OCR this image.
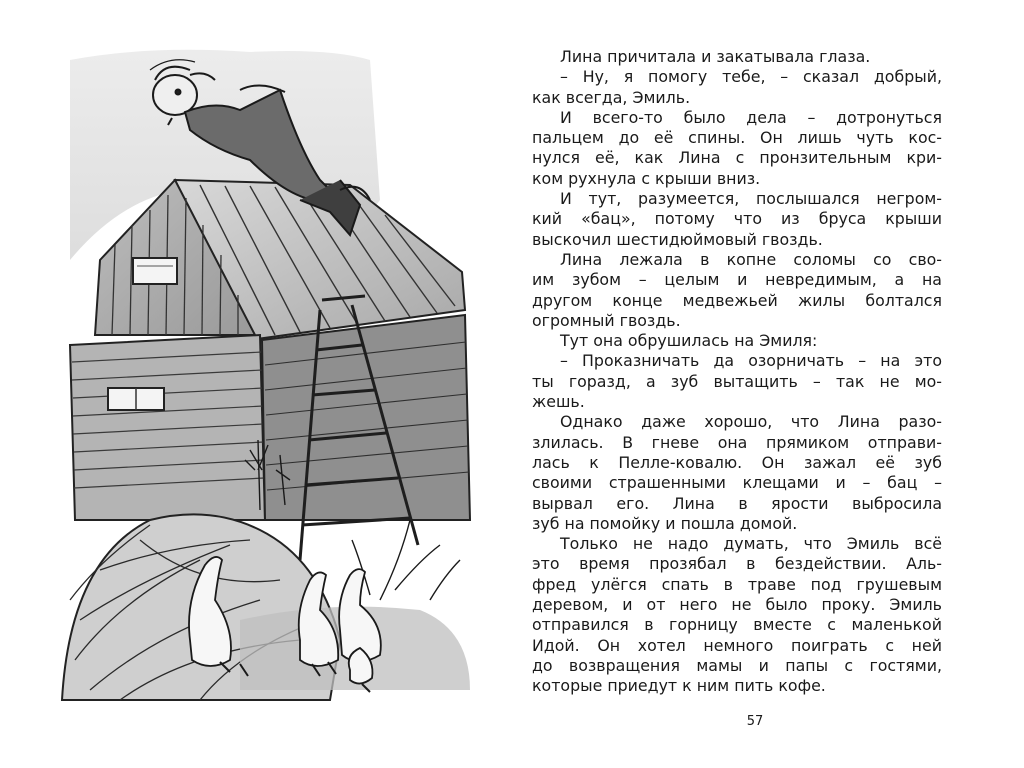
Лина причитала и закатывала глаза.
– Ну, я помогу тебе, – сказал добрый,
как всегда, Эмиль.
И всего-то было дела – дотронуться
пальцем до её спины. Он лишь чуть кос-
нулся её, как Лина с пронзительным кри-
ком рухнула с крыши вниз.
И тут, разумеется, послышался негром-
кий «бац», потому что из бруса крыши
выскочил шестидюймовый гвоздь.
Лина лежала в копне соломы со сво-
им зубом – целым и невредимым, а на
другом конце медвежьей жилы болтался
огромный гвоздь.
Тут она обрушилась на Эмиля:
– Проказничать да озорничать – на это
ты горазд, а зуб вытащить – так не мо-
жешь.
Однако даже хорошо, что Лина разо-
злилась. В гневе она прямиком отправи-
лась к Пелле-ковалю. Он зажал её зуб
своими страшенными клещами и – бац –
вырвал его. Лина в ярости выбросила
зуб на помойку и пошла домой.
Только не надо думать, что Эмиль всё
это время прозябал в бездействии. Аль-
фред улёгся спать в траве под грушевым
деревом, и от него не было проку. Эмиль
отправился в горницу вместе с маленькой
Идой. Он хотел немного поиграть с ней
до возвращения мамы и папы с гостями,
которые приедут к ним пить кофе.
57
